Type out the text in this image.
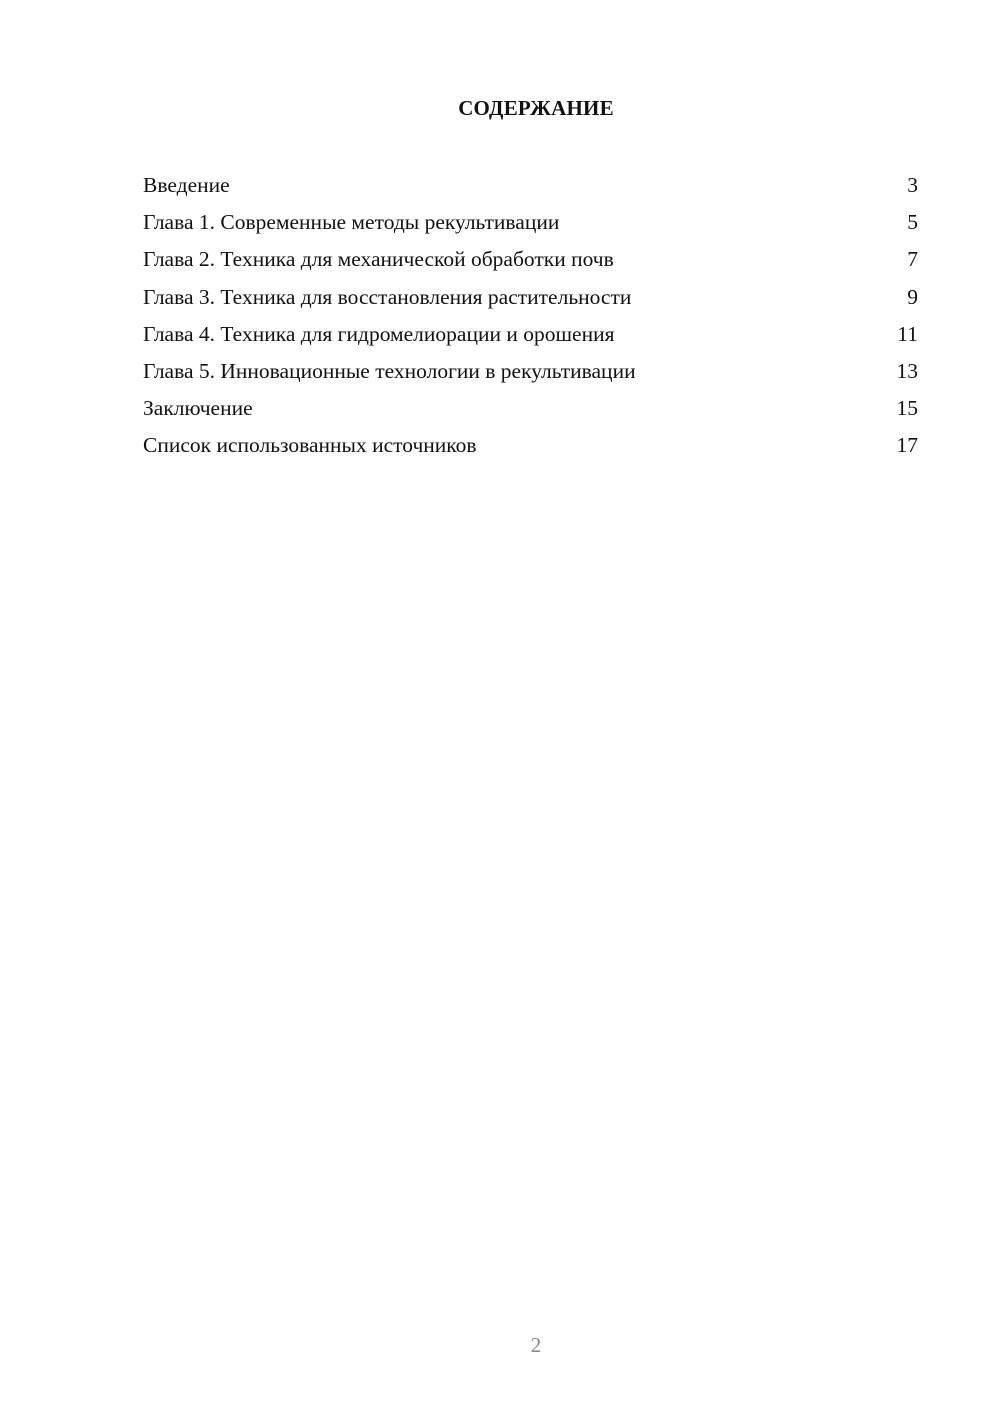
СОДЕРЖАНИЕ
Введение	3
Глава 1. Современные методы рекультивации	5
Глава 2. Техника для механической обработки почв	7
Глава 3. Техника для восстановления растительности	9
Глава 4. Техника для гидромелиорации и орошения	11
Глава 5. Инновационные технологии в рекультивации	13
Заключение	15
Список использованных источников	17
2
